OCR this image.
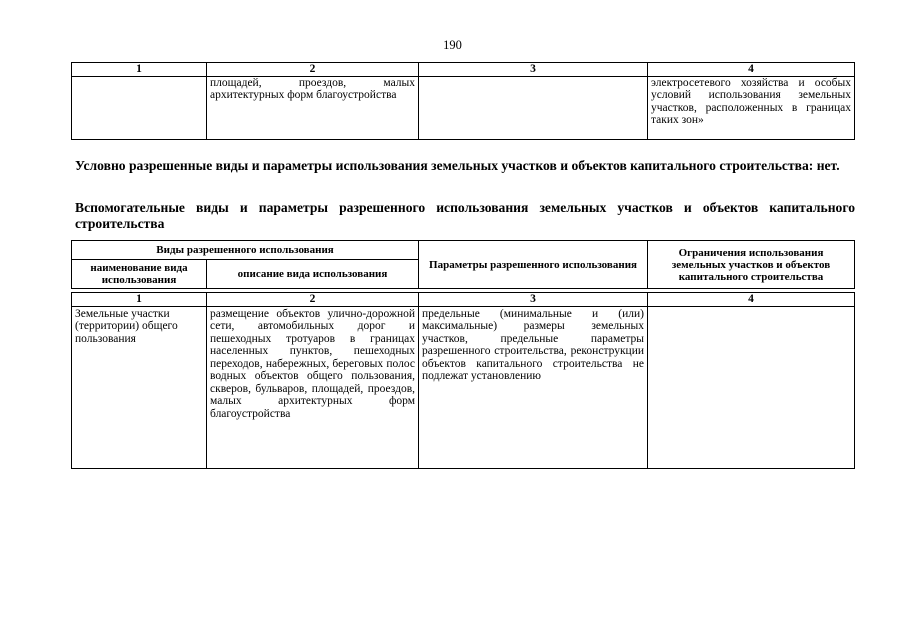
190
1	2	3	4
	площадей, проездов, малых архитектурных форм благоустройства		электросетевого хозяйства и особых условий использования земельных участков, расположенных в границах таких зон»
Условно разрешенные виды и параметры использования земельных участков и объектов капитального строительства: нет.
Вспомогательные виды и параметры разрешенного использования земельных участков и объектов капитального строительства
Виды разрешенного использования		Параметры разрешенного использования	Ограничения использования земельных участков и объектов капитального строительства
наименование вида использования	описание вида использования		

1	2	3	4
Земельные участки (территории) общего пользования	размещение объектов улично-дорожной сети, автомобильных дорог и пешеходных тротуаров в границах населенных пунктов, пешеходных переходов, набережных, береговых полос водных объектов общего пользования, скверов, бульваров, площадей, проездов, малых архитектурных форм благоустройства	предельные (минимальные и (или) максимальные) размеры земельных участков, предельные параметры разрешенного строительства, реконструкции объектов капитального строительства не подлежат установлению	
